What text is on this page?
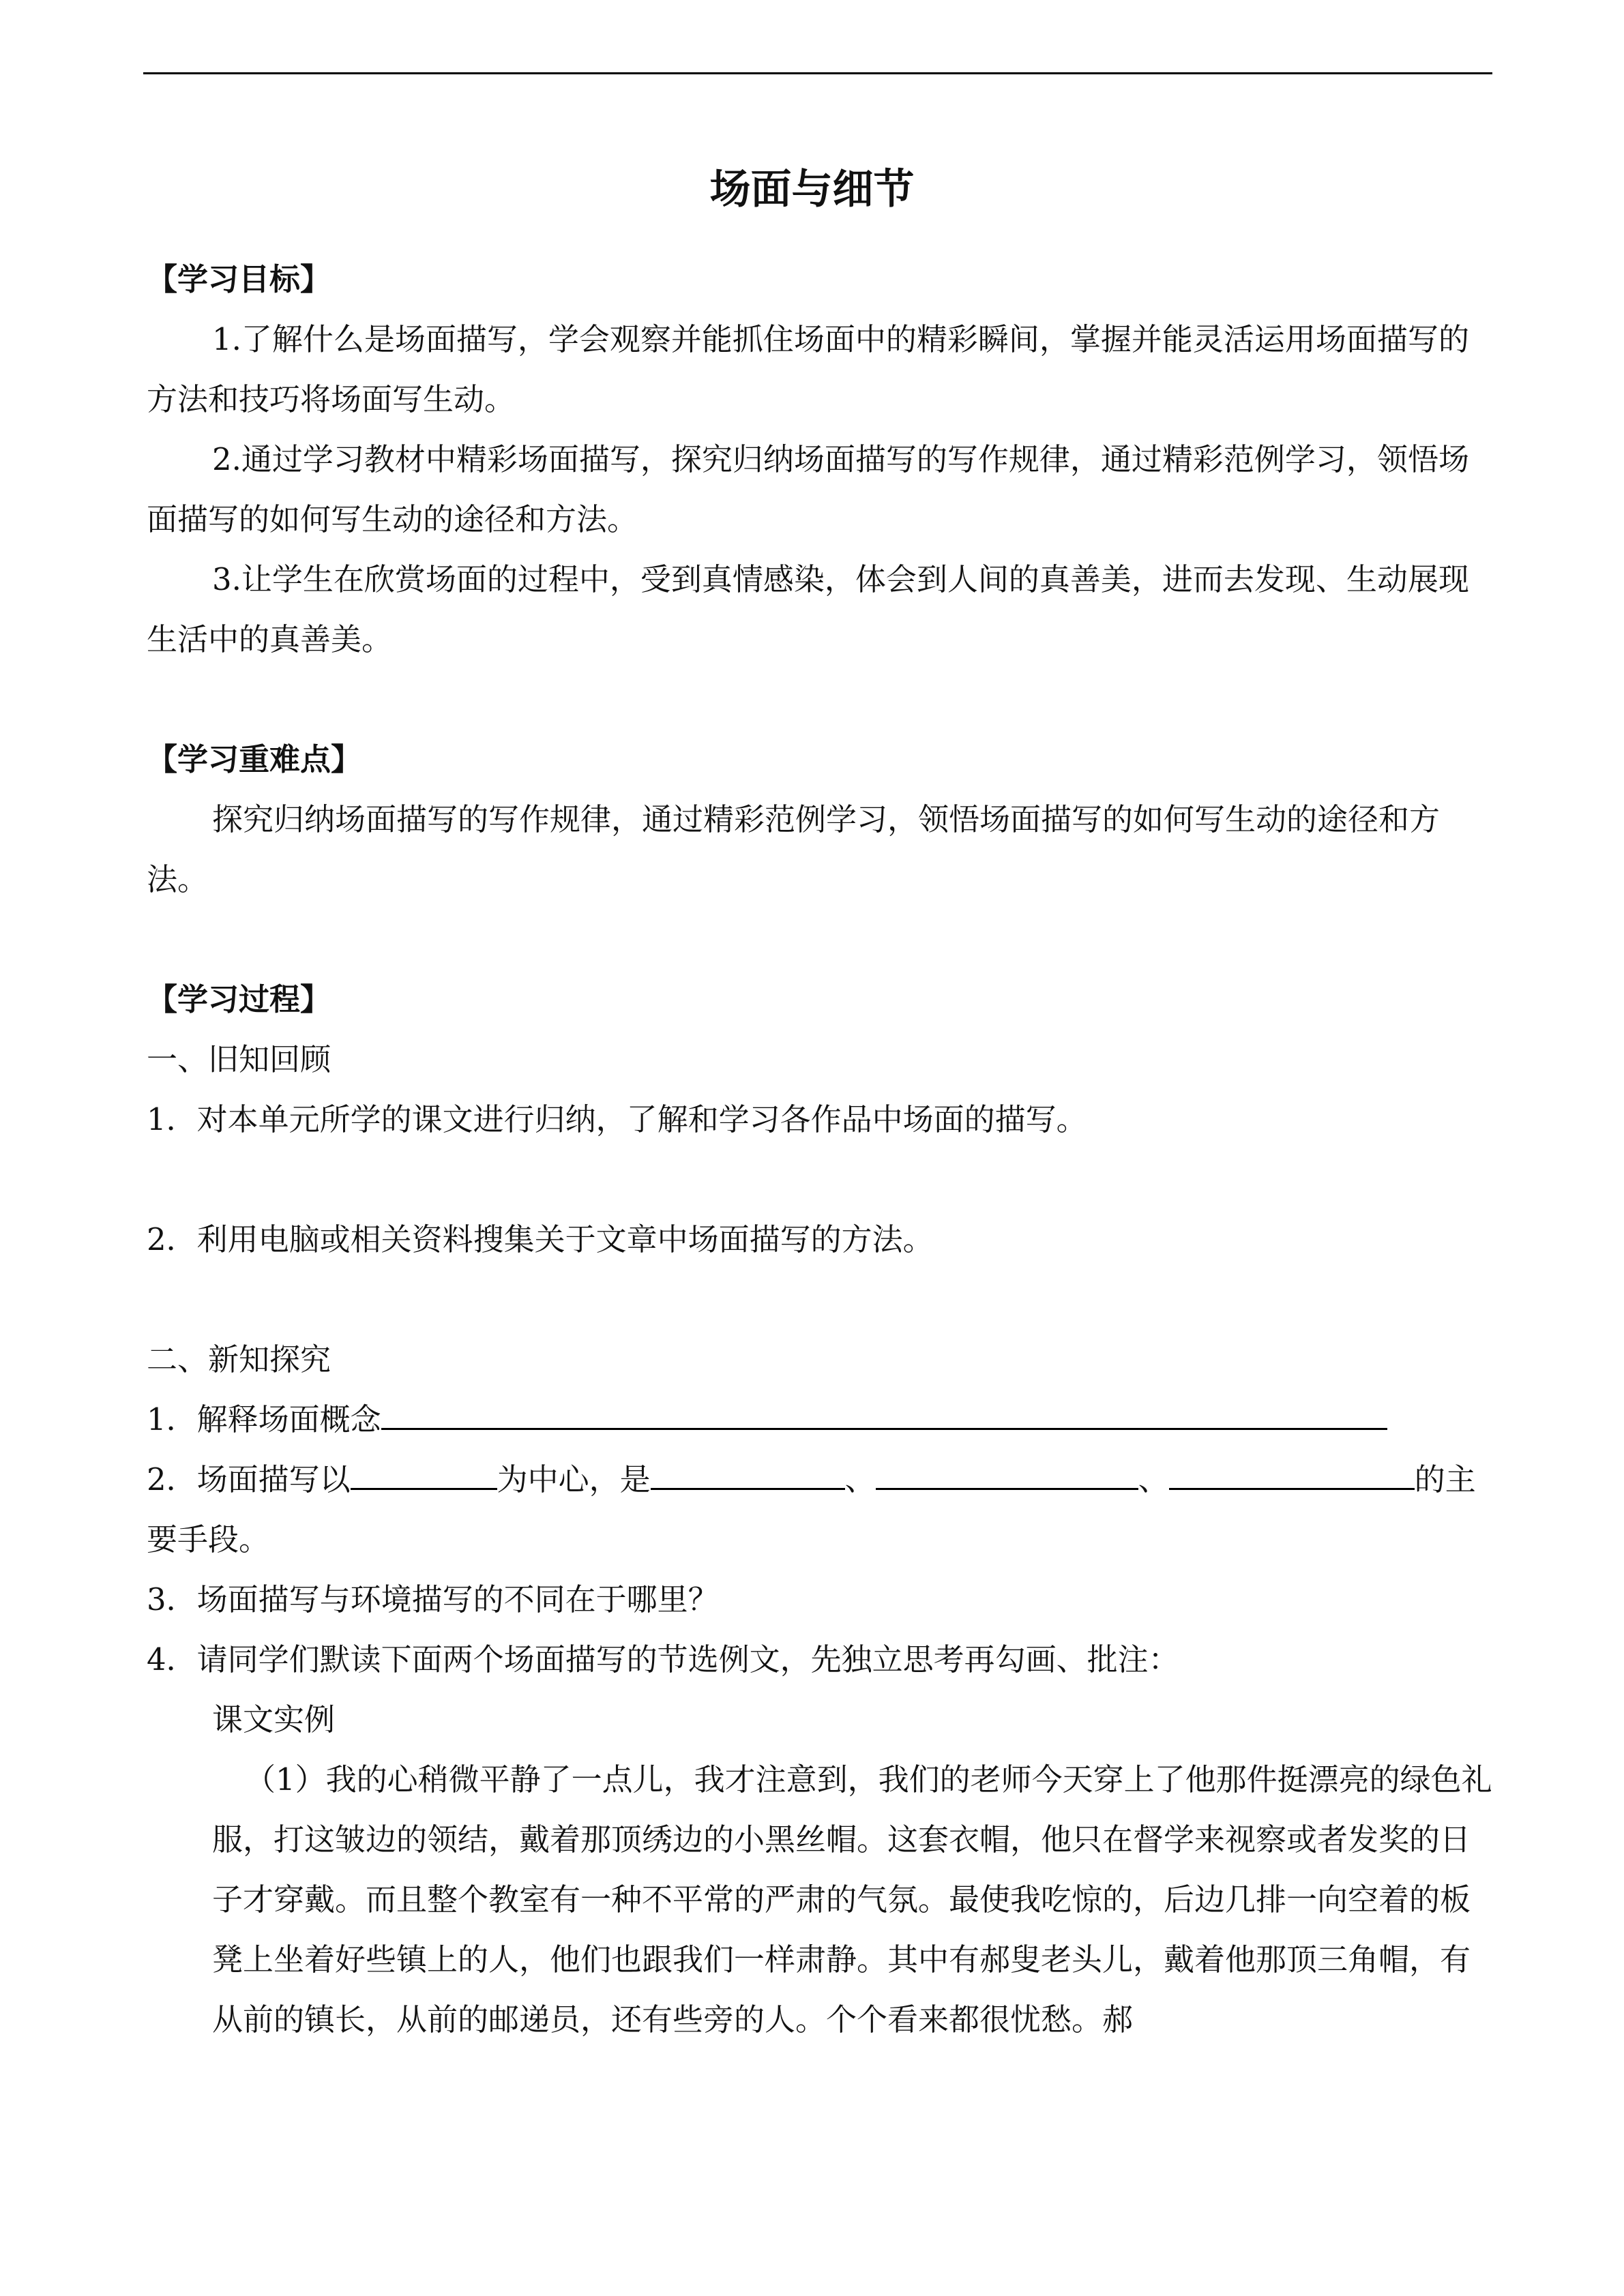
场面与细节
【学习目标】
1.了解什么是场面描写，学会观察并能抓住场面中的精彩瞬间，掌握并能灵活运用场面描写的方法和技巧将场面写生动。
2.通过学习教材中精彩场面描写，探究归纳场面描写的写作规律，通过精彩范例学习，领悟场面描写的如何写生动的途径和方法。
3.让学生在欣赏场面的过程中，受到真情感染，体会到人间的真善美，进而去发现、生动展现生活中的真善美。
【学习重难点】
探究归纳场面描写的写作规律，通过精彩范例学习，领悟场面描写的如何写生动的途径和方法。
【学习过程】
一、旧知回顾
1．对本单元所学的课文进行归纳，了解和学习各作品中场面的描写。
2．利用电脑或相关资料搜集关于文章中场面描写的方法。
二、新知探究
1．解释场面概念
2．场面描写以	为中心，是	、	、	的主要手段。
3．场面描写与环境描写的不同在于哪里？
4．请同学们默读下面两个场面描写的节选例文，先独立思考再勾画、批注：
课文实例
（1）我的心稍微平静了一点儿，我才注意到，我们的老师今天穿上了他那件挺漂亮的绿色礼服，打这皱边的领结，戴着那顶绣边的小黑丝帽。这套衣帽，他只在督学来视察或者发奖的日子才穿戴。而且整个教室有一种不平常的严肃的气氛。最使我吃惊的，后边几排一向空着的板凳上坐着好些镇上的人，他们也跟我们一样肃静。其中有郝叟老头儿，戴着他那顶三角帽，有从前的镇长，从前的邮递员，还有些旁的人。个个看来都很忧愁。郝
